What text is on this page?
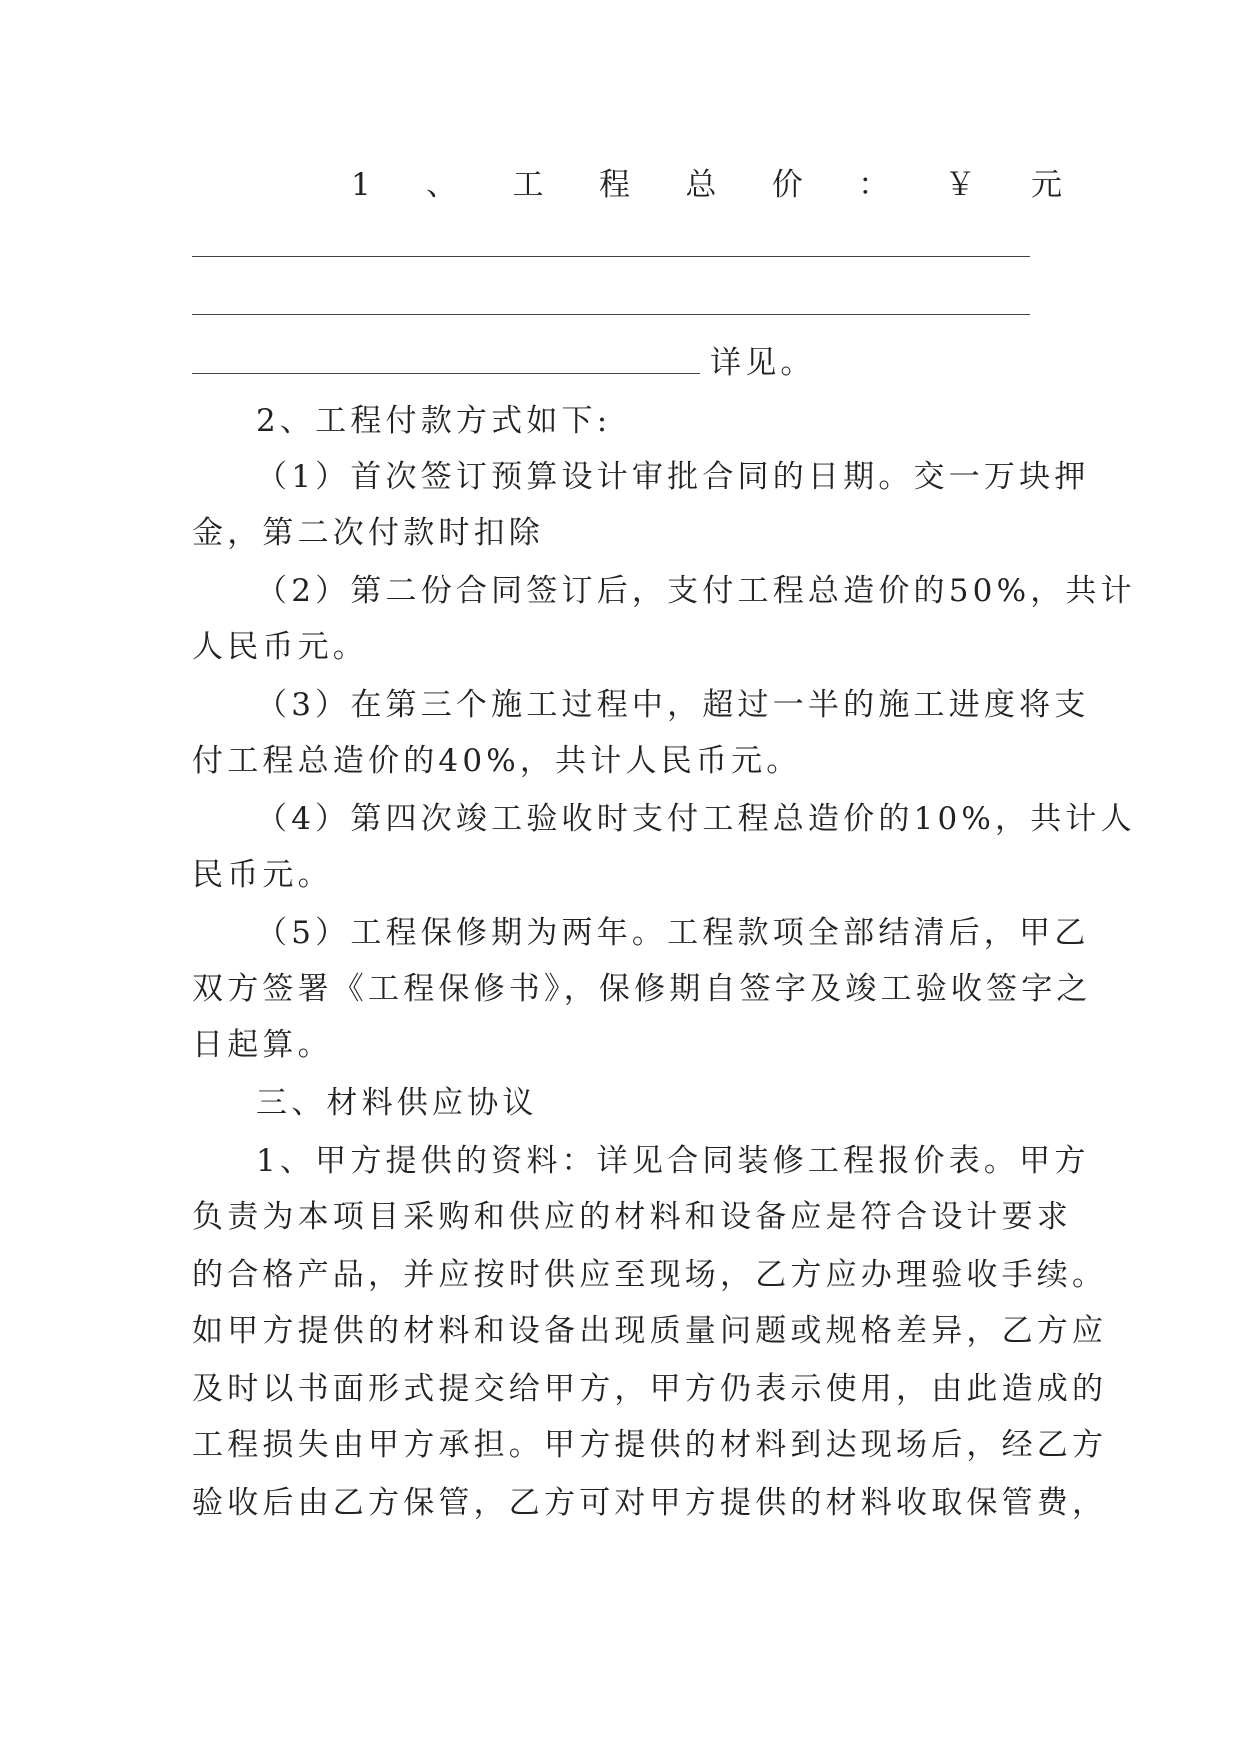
1 、 工 程 总 价 ： ￥ 元
详见。
2、工程付款方式如下:
（1）首次签订预算设计审批合同的日期。交一万块押
金，第二次付款时扣除
（2）第二份合同签订后，支付工程总造价的50%，共计
人民币元。
（3）在第三个施工过程中，超过一半的施工进度将支
付工程总造价的40%，共计人民币元。
（4）第四次竣工验收时支付工程总造价的10%，共计人
民币元。
（5）工程保修期为两年。工程款项全部结清后，甲乙
双方签署《工程保修书》，保修期自签字及竣工验收签字之
日起算。
三、材料供应协议
1、甲方提供的资料：详见合同装修工程报价表。甲方
负责为本项目采购和供应的材料和设备应是符合设计要求
的合格产品，并应按时供应至现场，乙方应办理验收手续。
如甲方提供的材料和设备出现质量问题或规格差异，乙方应
及时以书面形式提交给甲方，甲方仍表示使用，由此造成的
工程损失由甲方承担。甲方提供的材料到达现场后，经乙方
验收后由乙方保管，乙方可对甲方提供的材料收取保管费，
